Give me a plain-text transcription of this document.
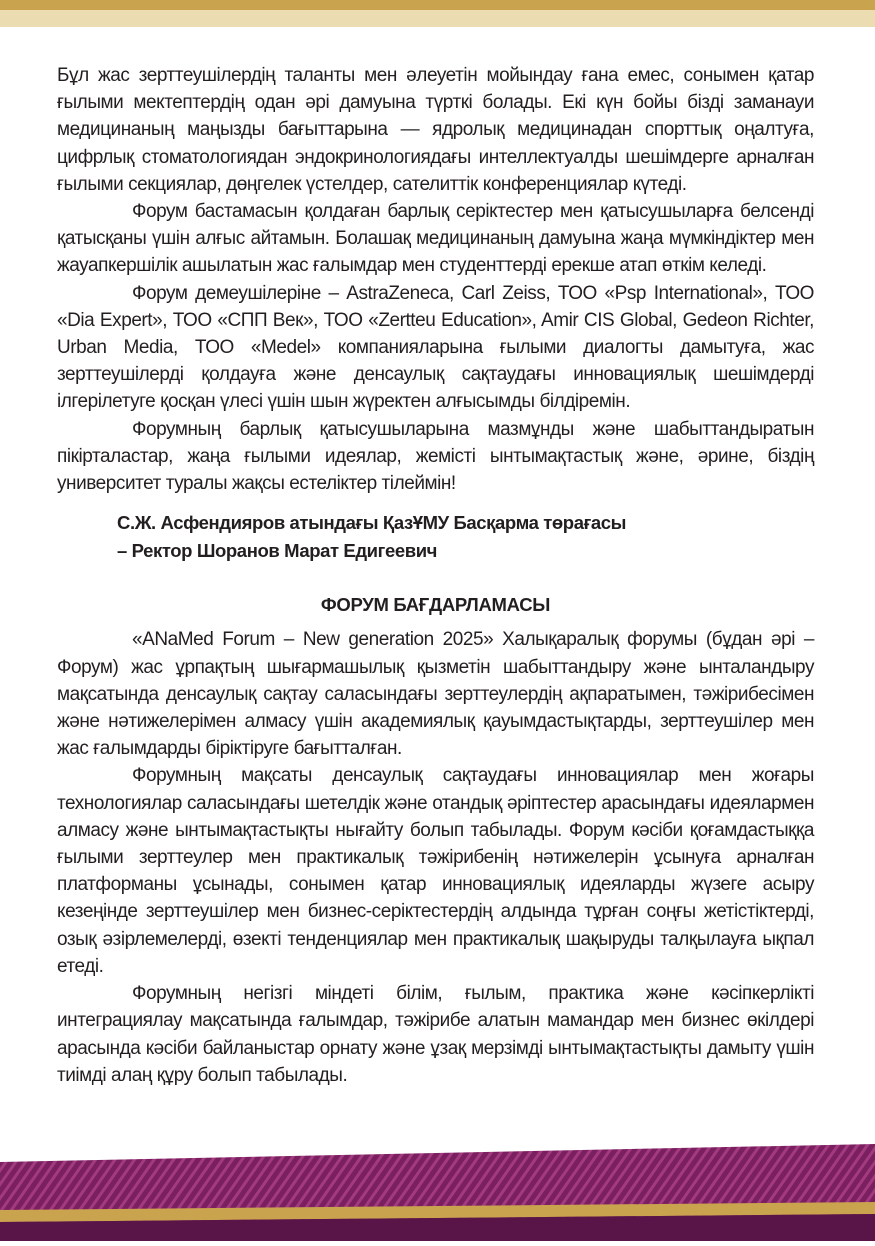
Бұл жас зерттеушілердің таланты мен әлеуетін мойындау ғана емес, сонымен қатар ғылыми мектептердің одан әрі дамуына түрткі болады. Екі күн бойы бізді заманауи медицинаның маңызды бағыттарына — ядролық медицинадан спорттық оңалтуға, цифрлық стоматологиядан эндокринологиядағы интеллектуалды шешімдерге арналған ғылыми секциялар, дөңгелек үстелдер, сателиттік конференциялар күтеді.

Форум бастамасын қолдаған барлық серіктестер мен қатысушыларға белсенді қатысқаны үшін алғыс айтамын. Болашақ медицинаның дамуына жаңа мүмкіндіктер мен жауапкершілік ашылатын жас ғалымдар мен студенттерді ерекше атап өткім келеді.

Форум демеушілеріне – AstraZeneca, Carl Zeiss, ТОО «Psp International», ТОО «Dia Expert», ТОО «СПП Век», ТОО «Zertteu Education», Amir CIS Global, Gedeon Richter, Urban Media, ТОО «Medel» компанияларына ғылыми диалогты дамытуға, жас зерттеушілерді қолдауға және денсаулық сақтаудағы инновациялық шешімдерді ілгерілетуге қосқан үлесі үшін шын жүректен алғысымды білдіремін.

Форумның барлық қатысушыларына мазмұнды және шабыттандыратын пікірталастар, жаңа ғылыми идеялар, жемісті ынтымақтастық және, әрине, біздің университет туралы жақсы естеліктер тілеймін!

С.Ж. Асфендияров атындағы ҚазҰМУ Басқарма төрағасы
– Ректор Шоранов Марат Едигеевич
ФОРУМ БАҒДАРЛАМАСЫ

«ANaMed Forum – New generation 2025» Халықаралық форумы (бұдан әрі – Форум) жас ұрпақтың шығармашылық қызметін шабыттандыру және ынталандыру мақсатында денсаулық сақтау саласындағы зерттеулердің ақпаратымен, тәжірибесімен және нәтижелерімен алмасу үшін академиялық қауымдастықтарды, зерттеушілер мен жас ғалымдарды біріктіруге бағытталған.

Форумның мақсаты денсаулық сақтаудағы инновациялар мен жоғары технологиялар саласындағы шетелдік және отандық әріптестер арасындағы идеялармен алмасу және ынтымақтастықты нығайту болып табылады. Форум кәсіби қоғамдастыққа ғылыми зерттеулер мен практикалық тәжірибенің нәтижелерін ұсынуға арналған платформаны ұсынады, сонымен қатар инновациялық идеяларды жүзеге асыру кезеңінде зерттеушілер мен бизнес-серіктестердің алдында тұрған соңғы жетістіктерді, озық әзірлемелерді, өзекті тенденциялар мен практикалық шақыруды талқылауға ықпал етеді.

Форумның негізгі міндеті білім, ғылым, практика және кәсіпкерлікті интеграциялау мақсатында ғалымдар, тәжірибе алатын мамандар мен бизнес өкілдері арасында кәсіби байланыстар орнату және ұзақ мерзімді ынтымақтастықты дамыту үшін тиімді алаң құру болып табылады.
